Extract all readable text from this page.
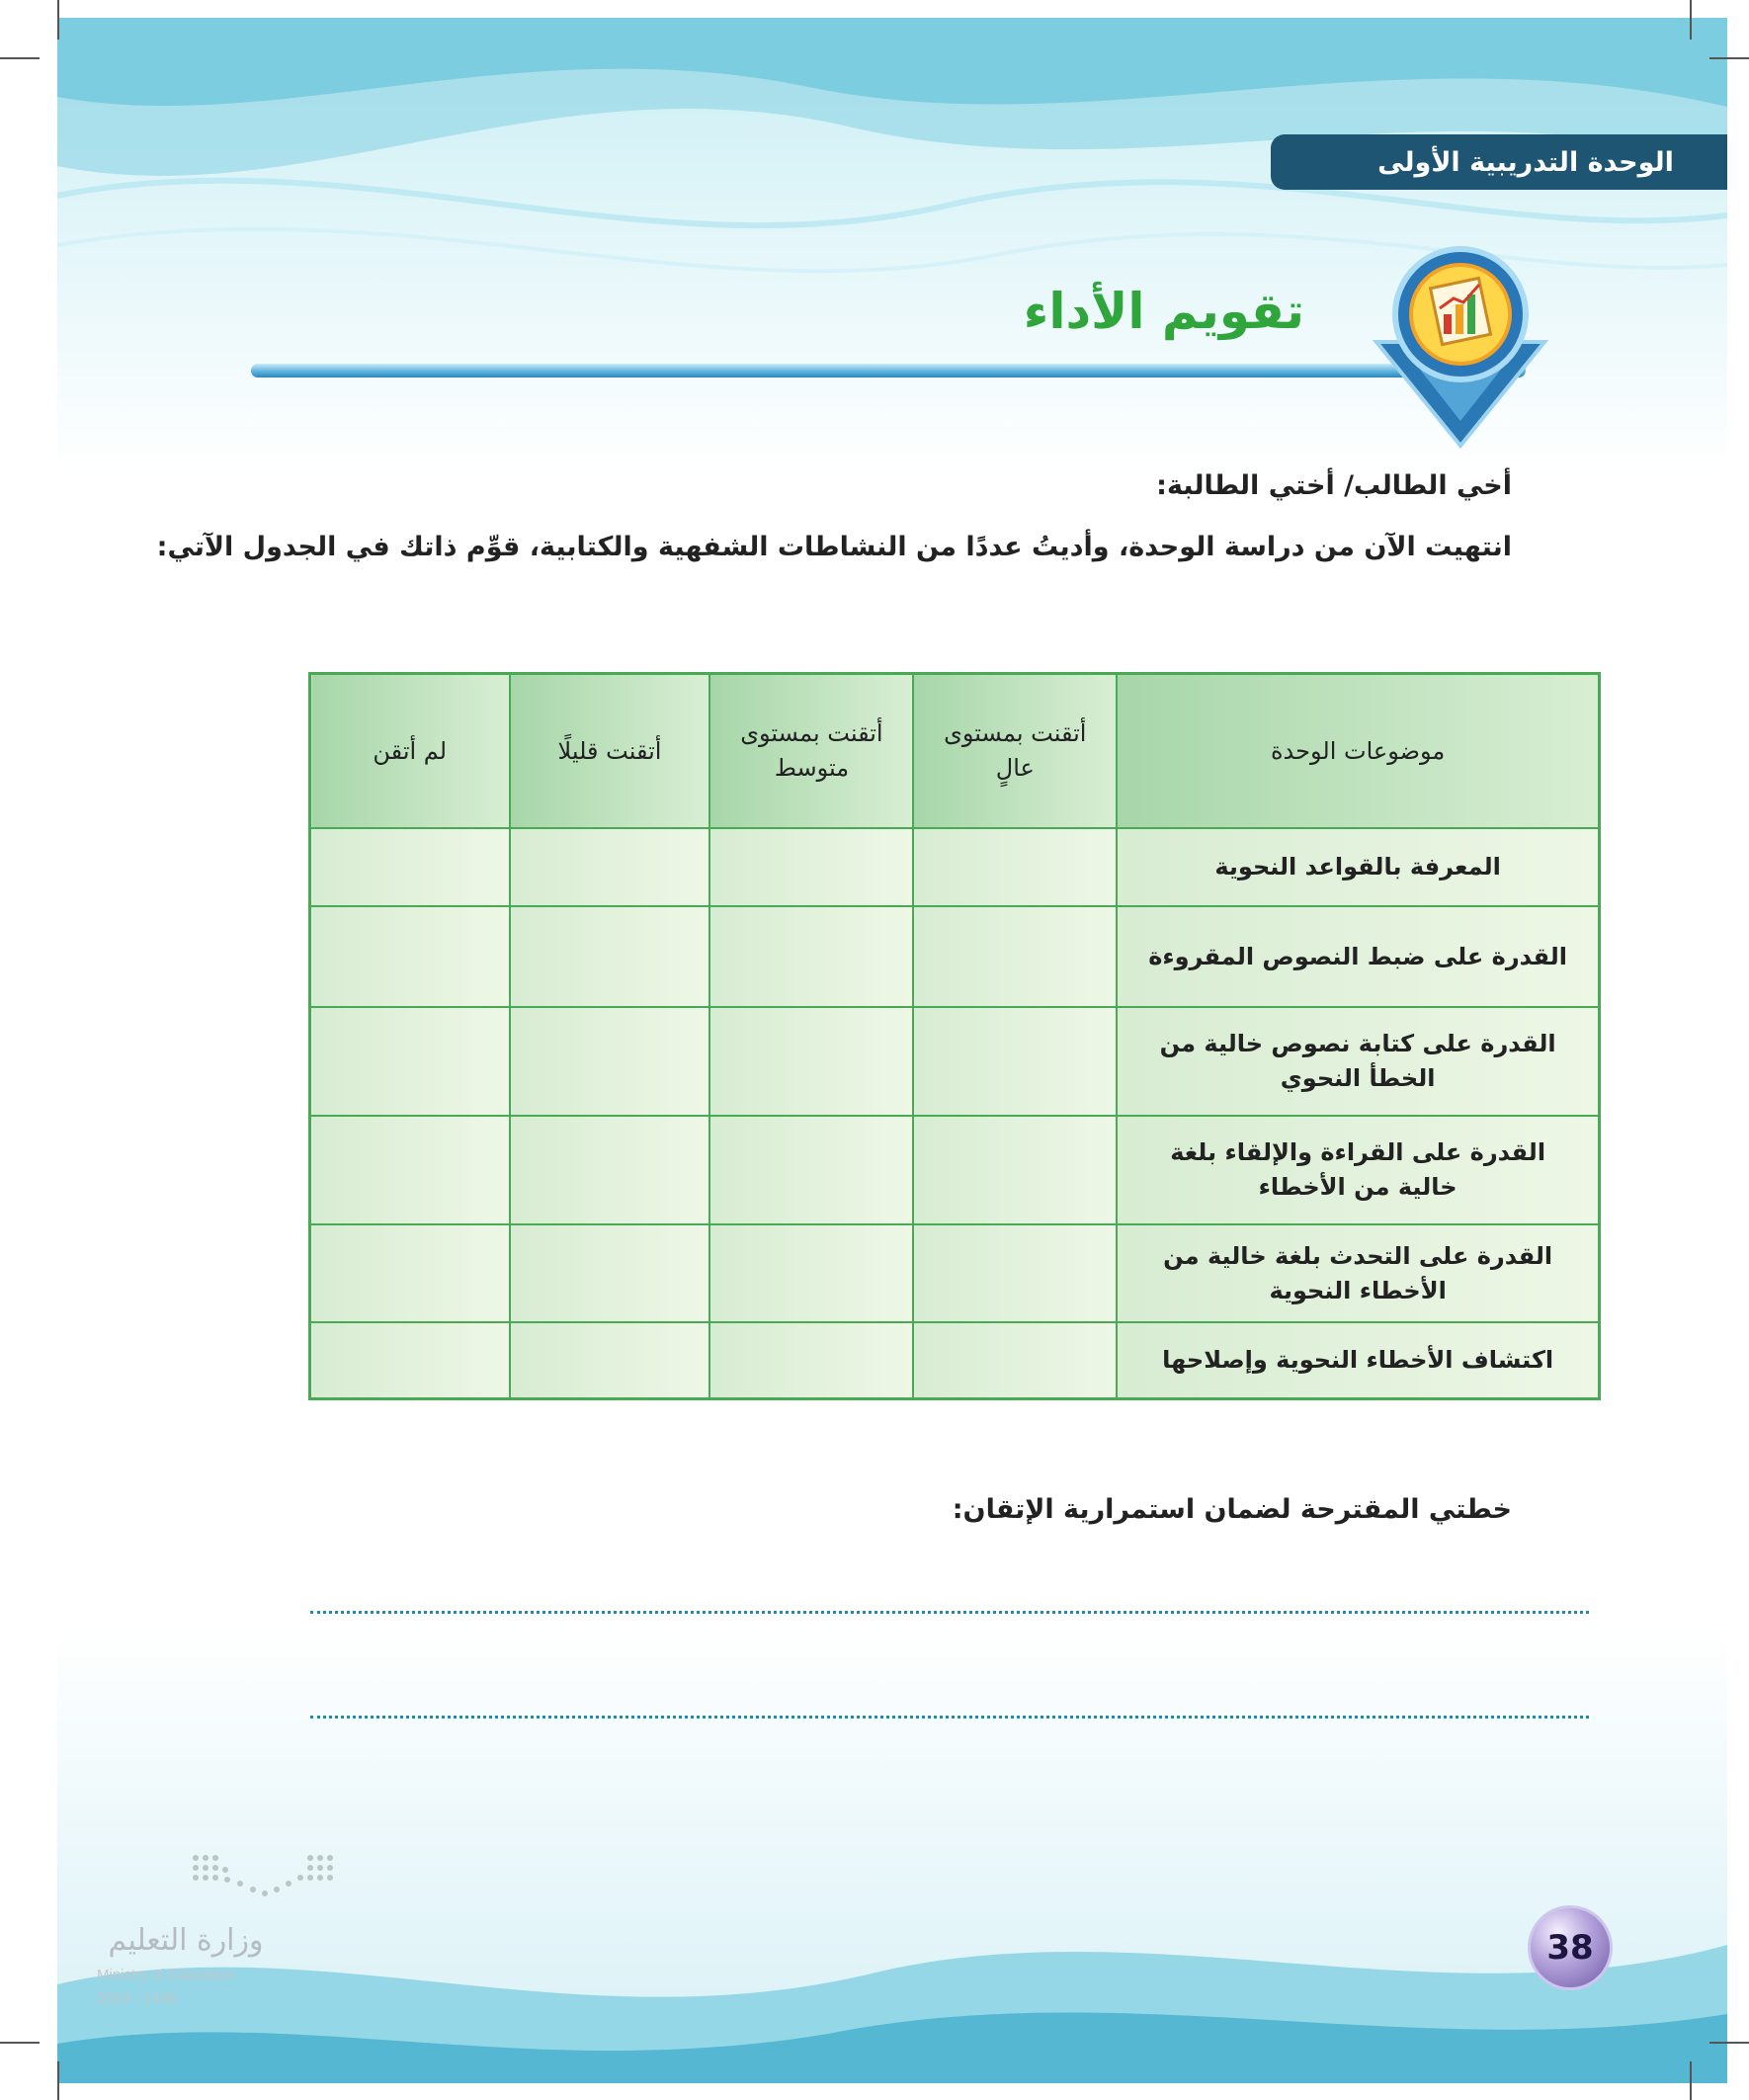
الوحدة التدريبية الأولى
تقويم الأداء

أخي الطالب/ أختي الطالبة:

انتهيت الآن من دراسة الوحدة، وأديتُ عددًا من النشاطات الشفهية والكتابية، قوِّم ذاتك في الجدول الآتي:

موضوعات الوحدة	أتقنت بمستوى عالٍ	أتقنت بمستوى متوسط	أتقنت قليلًا	لم أتقن
المعرفة بالقواعد النحوية				
القدرة على ضبط النصوص المقروءة				
القدرة على كتابة نصوص خالية من الخطأ النحوي				
القدرة على القراءة والإلقاء بلغة خالية من الأخطاء				
القدرة على التحدث بلغة خالية من الأخطاء النحوية				
اكتشاف الأخطاء النحوية وإصلاحها				

خطتي المقترحة لضمان استمرارية الإتقان:

وزارة التعليم
Ministry of Education
2024 - 1446
38
